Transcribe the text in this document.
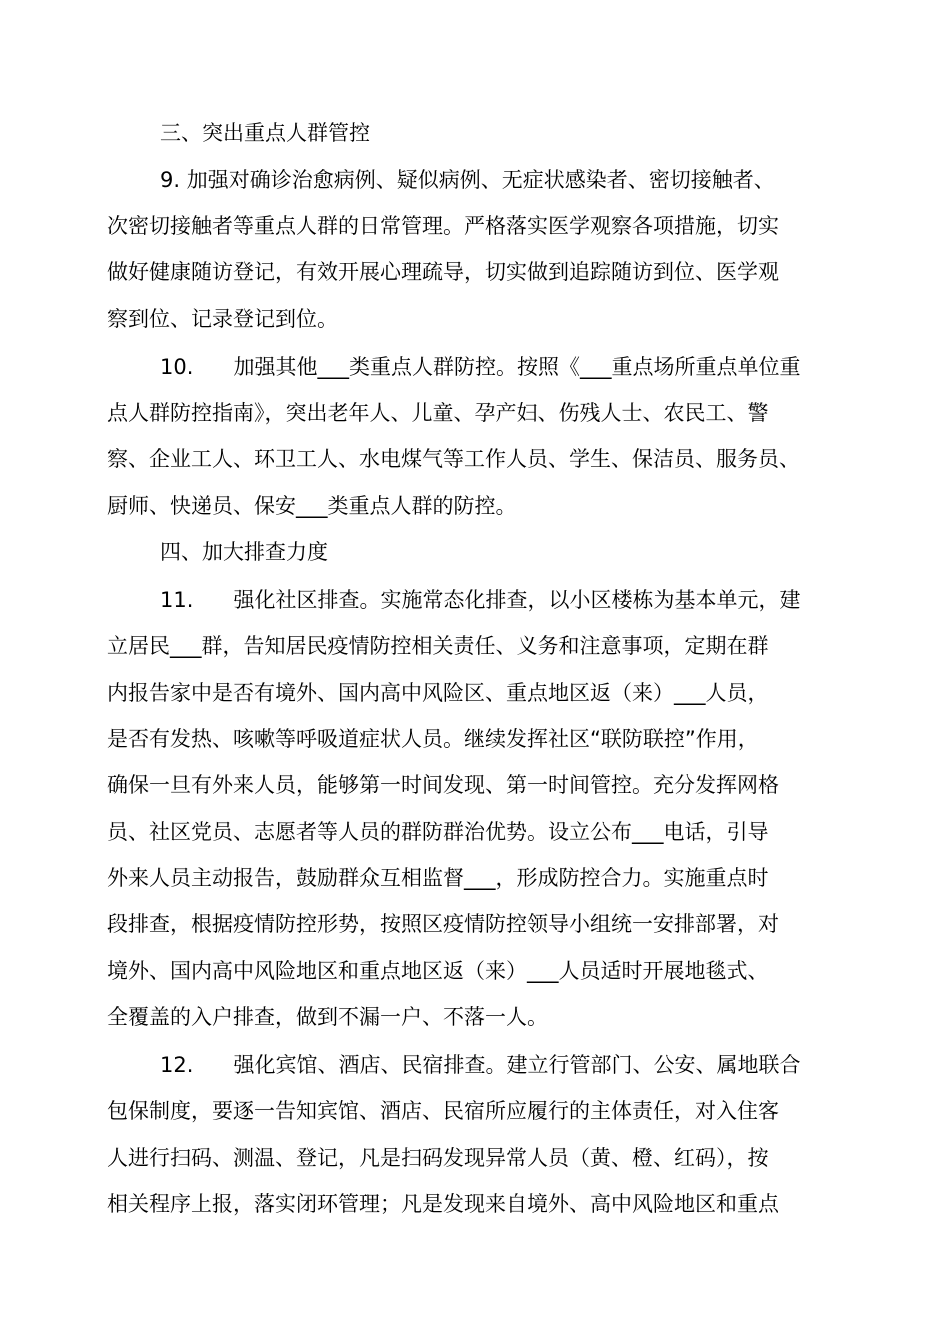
三、突出重点人群管控
9. 加强对确诊治愈病例、疑似病例、无症状感染者、密切接触者、
次密切接触者等重点人群的日常管理。严格落实医学观察各项措施，切实
做好健康随访登记，有效开展心理疏导，切实做到追踪随访到位、医学观
察到位、记录登记到位。
10.      加强其他___类重点人群防控。按照《___重点场所重点单位重
点人群防控指南》，突出老年人、儿童、孕产妇、伤残人士、农民工、警
察、企业工人、环卫工人、水电煤气等工作人员、学生、保洁员、服务员、
厨师、快递员、保安___类重点人群的防控。
四、加大排查力度
11.      强化社区排查。实施常态化排查，以小区楼栋为基本单元，建
立居民___群，告知居民疫情防控相关责任、义务和注意事项，定期在群
内报告家中是否有境外、国内高中风险区、重点地区返（来）___人员，
是否有发热、咳嗽等呼吸道症状人员。继续发挥社区“联防联控”作用，
确保一旦有外来人员，能够第一时间发现、第一时间管控。充分发挥网格
员、社区党员、志愿者等人员的群防群治优势。设立公布___电话，引导
外来人员主动报告，鼓励群众互相监督___，形成防控合力。实施重点时
段排查，根据疫情防控形势，按照区疫情防控领导小组统一安排部署，对
境外、国内高中风险地区和重点地区返（来）___人员适时开展地毯式、
全覆盖的入户排查，做到不漏一户、不落一人。
12.      强化宾馆、酒店、民宿排查。建立行管部门、公安、属地联合
包保制度，要逐一告知宾馆、酒店、民宿所应履行的主体责任，对入住客
人进行扫码、测温、登记，凡是扫码发现异常人员（黄、橙、红码），按
相关程序上报，落实闭环管理；凡是发现来自境外、高中风险地区和重点
